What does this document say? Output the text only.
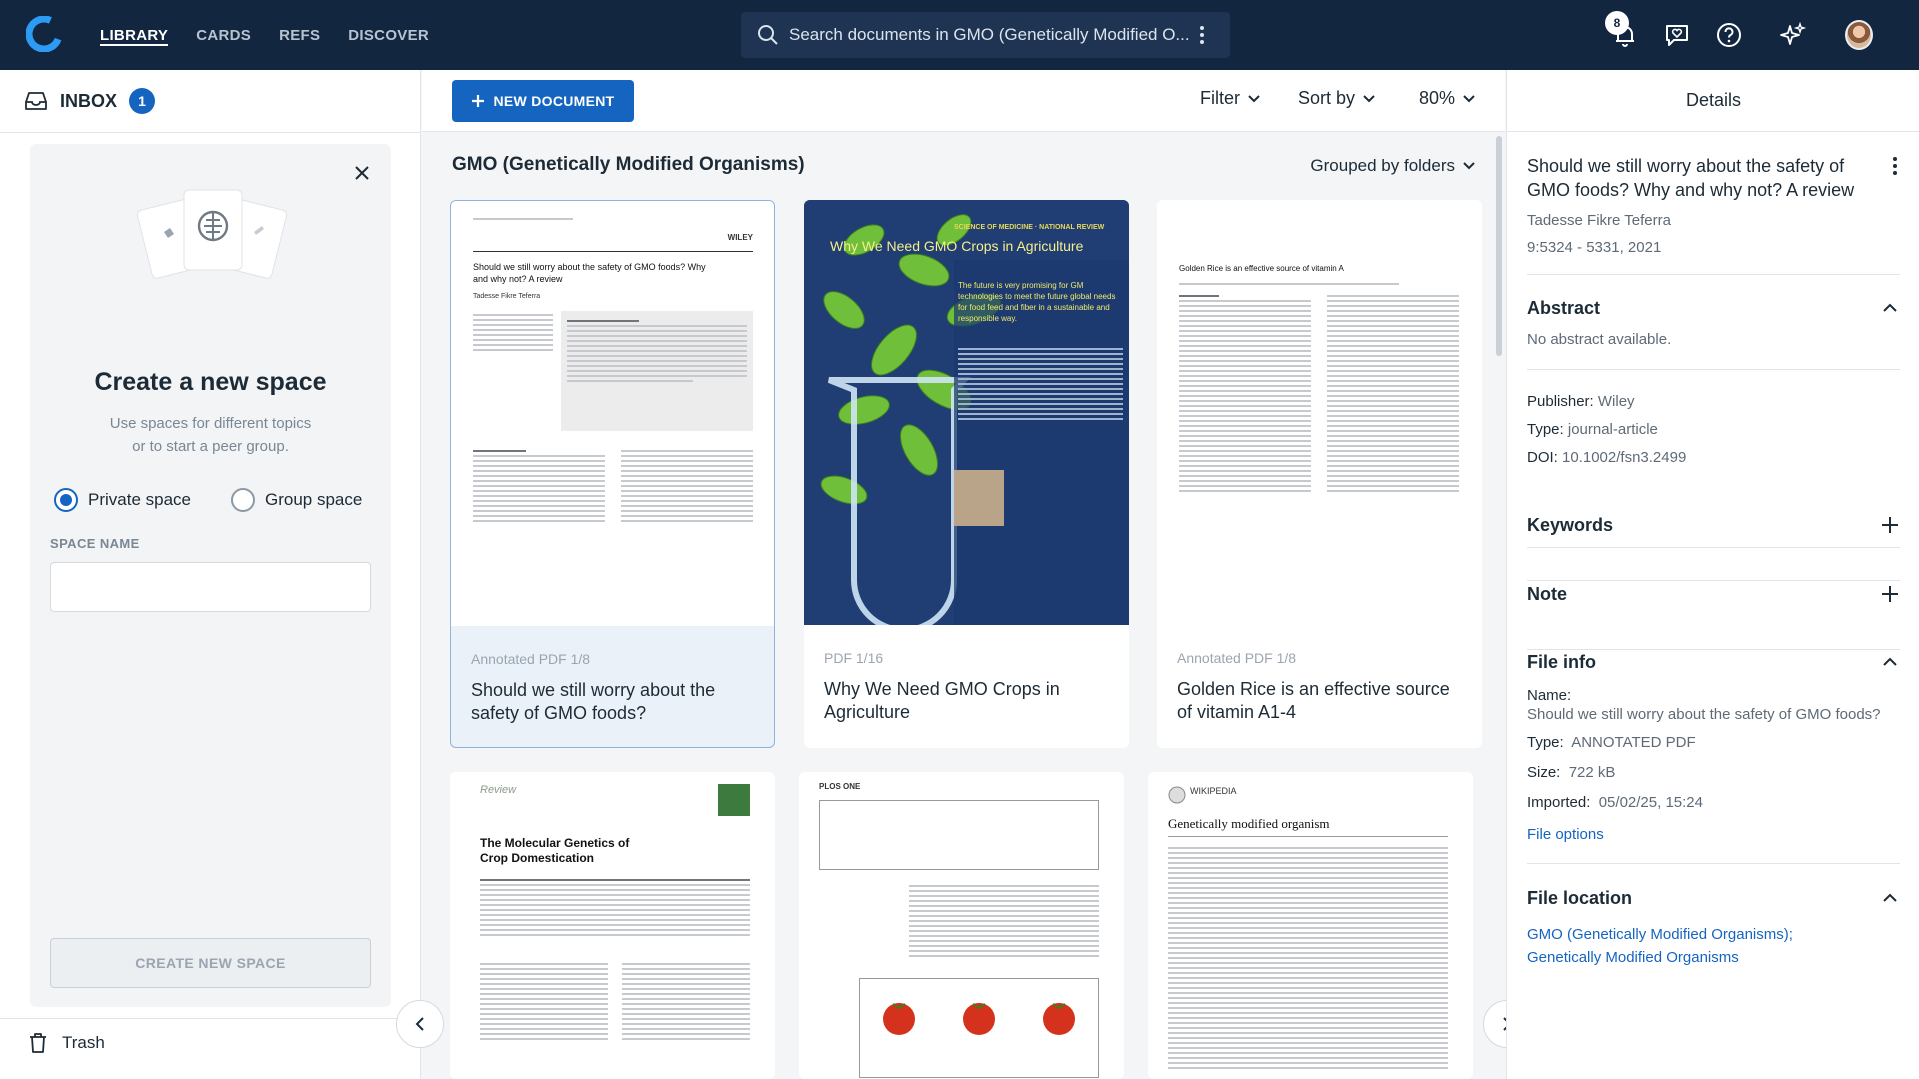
LIBRARY CARDS REFS DISCOVER
Search documents in GMO (Genetically Modified O...
8
INBOX	1
Create a new space
Use spaces for different topics
or to start a peer group.
Private space	Group space
SPACE NAME
CREATE NEW SPACE
Trash
NEW DOCUMENT	Filter	Sort by	80%
GMO (Genetically Modified Organisms)	Grouped by folders
WILEY
Should we still worry about the safety of GMO foods? Why and why not? A review
Tadesse Fikre Teferra
Annotated PDF 1/8
Should we still worry about the safety of GMO foods?
SCIENCE OF MEDICINE · NATIONAL REVIEW
Why We Need GMO Crops in Agriculture
The future is very promising for GM technologies to meet the future global needs for food feed and fiber in a sustainable and responsible way.
PDF 1/16
Why We Need GMO Crops in Agriculture
Golden Rice is an effective source of vitamin A
Annotated PDF 1/8
Golden Rice is an effective source of vitamin A1-4
Review
The Molecular Genetics of Crop Domestication
PLOS ONE	WIKIPEDIA
Genetically modified organism
Details
Should we still worry about the safety of GMO foods? Why and why not? A review
Tadesse Fikre Teferra
9:5324 - 5331, 2021
Abstract
No abstract available.
Publisher: Wiley
Type: journal-article
DOI: 10.1002/fsn3.2499
Keywords
Note
File info
Name:
Should we still worry about the safety of GMO foods?
Type: ANNOTATED PDF
Size: 722 kB
Imported: 05/02/25, 15:24
File options
File location
GMO (Genetically Modified Organisms);
Genetically Modified Organisms
